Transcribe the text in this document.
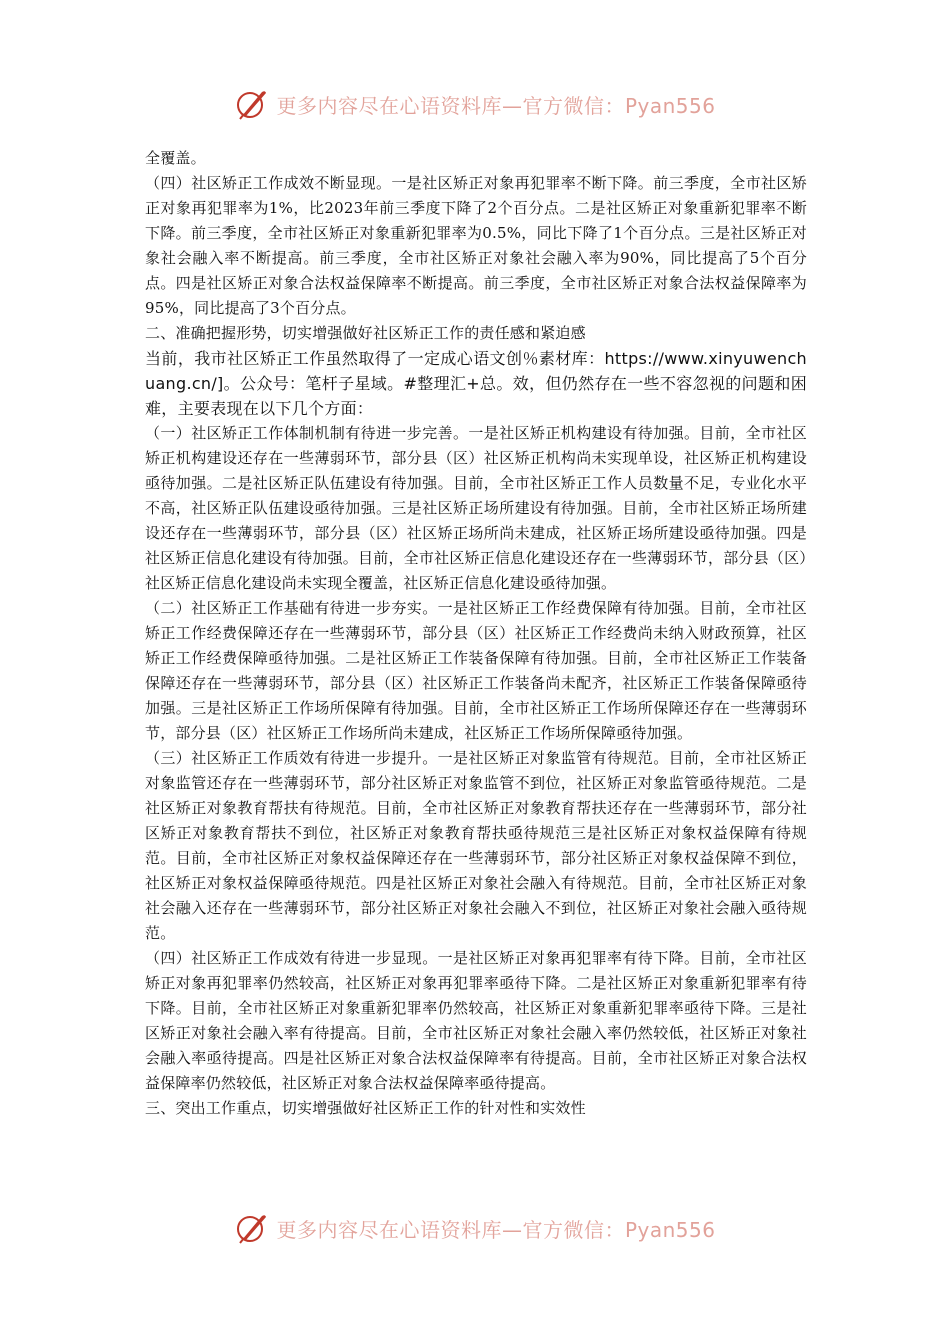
更多内容尽在心语资料库—官方微信：Pyan556

全覆盖。

（四）社区矫正工作成效不断显现。一是社区矫正对象再犯罪率不断下降。前三季度，全市社区矫正对象再犯罪率为1%，比2023年前三季度下降了2个百分点。二是社区矫正对象重新犯罪率不断下降。前三季度，全市社区矫正对象重新犯罪率为0.5%，同比下降了1个百分点。三是社区矫正对象社会融入率不断提高。前三季度，全市社区矫正对象社会融入率为90%，同比提高了5个百分点。四是社区矫正对象合法权益保障率不断提高。前三季度，全市社区矫正对象合法权益保障率为95%，同比提高了3个百分点。

二、准确把握形势，切实增强做好社区矫正工作的责任感和紧迫感

当前，我市社区矫正工作虽然取得了一定成心语文创％素材库：https://www.xinyuwenchuang.cn/]。公众号：笔杆子星域。#整理汇+总。效，但仍然存在一些不容忽视的问题和困难，主要表现在以下几个方面：

（一）社区矫正工作体制机制有待进一步完善。一是社区矫正机构建设有待加强。目前，全市社区矫正机构建设还存在一些薄弱环节，部分县（区）社区矫正机构尚未实现单设，社区矫正机构建设亟待加强。二是社区矫正队伍建设有待加强。目前，全市社区矫正工作人员数量不足，专业化水平不高，社区矫正队伍建设亟待加强。三是社区矫正场所建设有待加强。目前，全市社区矫正场所建设还存在一些薄弱环节，部分县（区）社区矫正场所尚未建成，社区矫正场所建设亟待加强。四是社区矫正信息化建设有待加强。目前，全市社区矫正信息化建设还存在一些薄弱环节，部分县（区）社区矫正信息化建设尚未实现全覆盖，社区矫正信息化建设亟待加强。

（二）社区矫正工作基础有待进一步夯实。一是社区矫正工作经费保障有待加强。目前，全市社区矫正工作经费保障还存在一些薄弱环节，部分县（区）社区矫正工作经费尚未纳入财政预算，社区矫正工作经费保障亟待加强。二是社区矫正工作装备保障有待加强。目前，全市社区矫正工作装备保障还存在一些薄弱环节，部分县（区）社区矫正工作装备尚未配齐，社区矫正工作装备保障亟待加强。三是社区矫正工作场所保障有待加强。目前，全市社区矫正工作场所保障还存在一些薄弱环节，部分县（区）社区矫正工作场所尚未建成，社区矫正工作场所保障亟待加强。

（三）社区矫正工作质效有待进一步提升。一是社区矫正对象监管有待规范。目前，全市社区矫正对象监管还存在一些薄弱环节，部分社区矫正对象监管不到位，社区矫正对象监管亟待规范。二是社区矫正对象教育帮扶有待规范。目前，全市社区矫正对象教育帮扶还存在一些薄弱环节，部分社区矫正对象教育帮扶不到位，社区矫正对象教育帮扶亟待规范三是社区矫正对象权益保障有待规范。目前，全市社区矫正对象权益保障还存在一些薄弱环节，部分社区矫正对象权益保障不到位，社区矫正对象权益保障亟待规范。四是社区矫正对象社会融入有待规范。目前，全市社区矫正对象社会融入还存在一些薄弱环节，部分社区矫正对象社会融入不到位，社区矫正对象社会融入亟待规范。

（四）社区矫正工作成效有待进一步显现。一是社区矫正对象再犯罪率有待下降。目前，全市社区矫正对象再犯罪率仍然较高，社区矫正对象再犯罪率亟待下降。二是社区矫正对象重新犯罪率有待下降。目前，全市社区矫正对象重新犯罪率仍然较高，社区矫正对象重新犯罪率亟待下降。三是社区矫正对象社会融入率有待提高。目前，全市社区矫正对象社会融入率仍然较低，社区矫正对象社会融入率亟待提高。四是社区矫正对象合法权益保障率有待提高。目前，全市社区矫正对象合法权益保障率仍然较低，社区矫正对象合法权益保障率亟待提高。

三、突出工作重点，切实增强做好社区矫正工作的针对性和实效性

更多内容尽在心语资料库—官方微信：Pyan556
